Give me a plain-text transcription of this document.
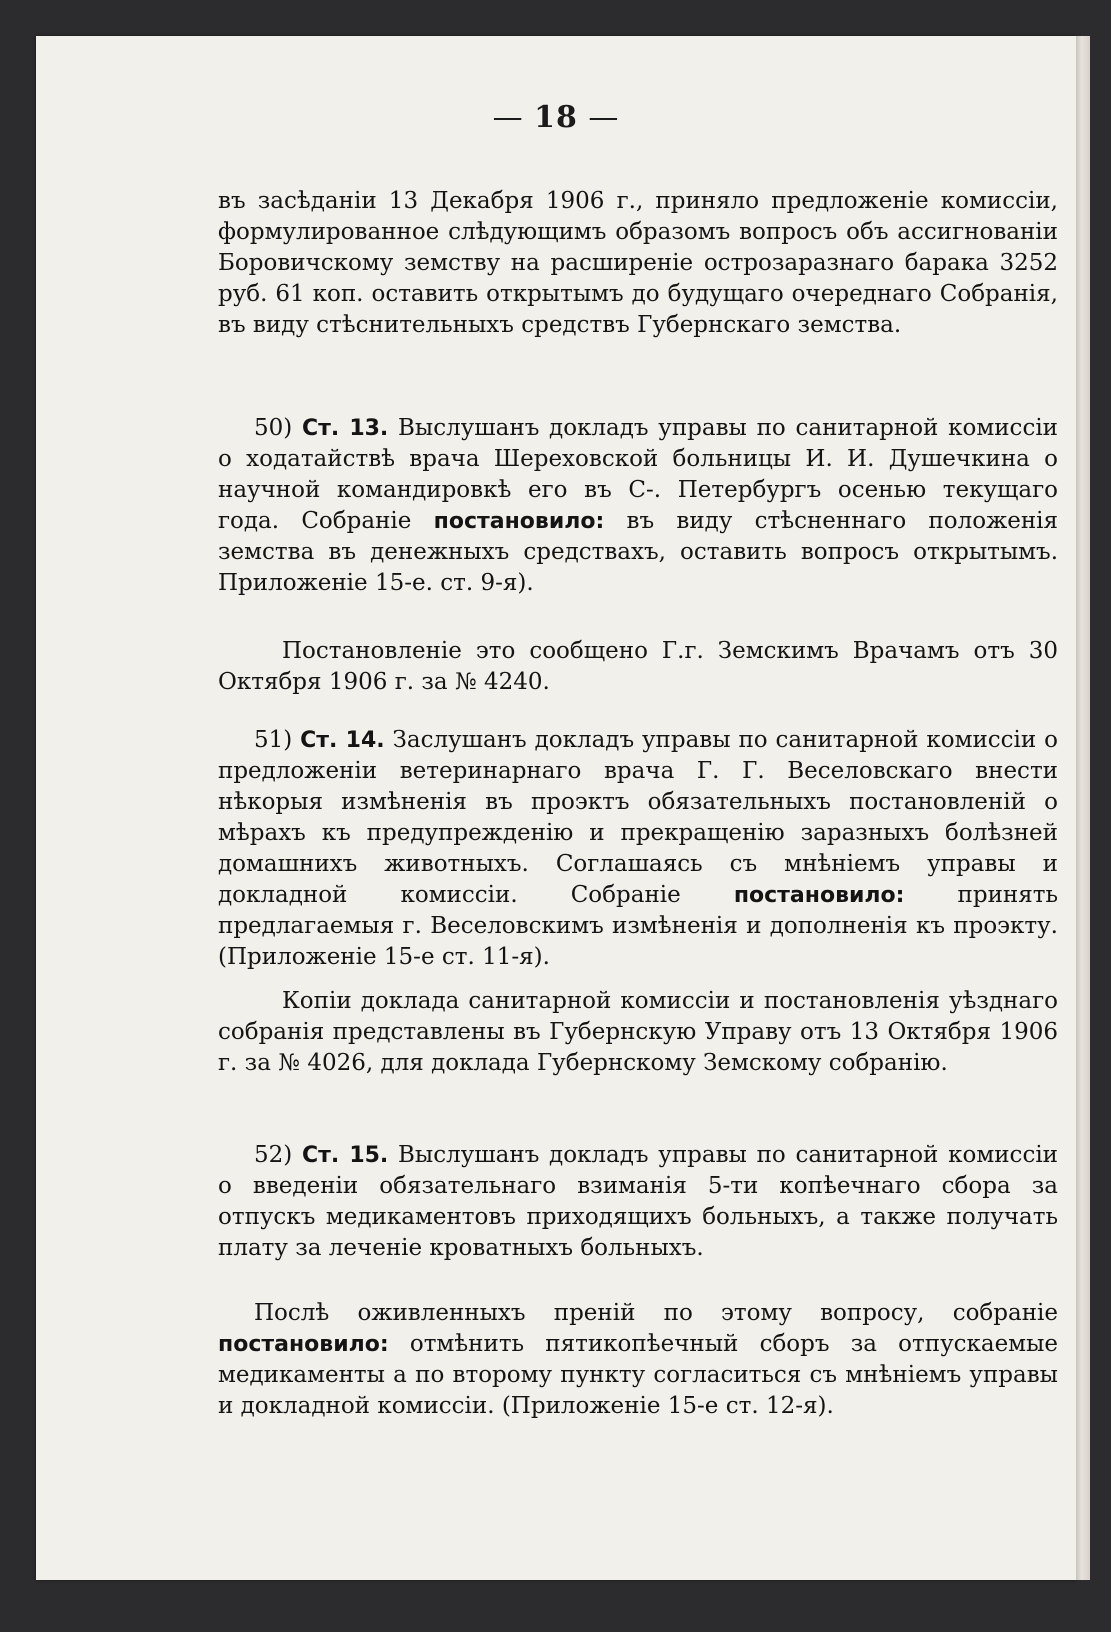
— 18 —

въ засѣданіи 13 Декабря 1906 г., приняло предложеніе комиссіи, формулированное слѣдующимъ образомъ вопросъ объ ассигнованіи Боровичскому земству на расширеніе острозаразнаго барака 3252 руб. 61 коп. оставить открытымъ до будущаго очереднаго Собранія, въ виду стѣснительныхъ средствъ Губернскаго земства.

50) Ст. 13. Выслушанъ докладъ управы по санитарной комиссіи о ходатайствѣ врача Шереховской больницы И. И. Душечкина о научной командировкѣ его въ С-. Петербургъ осенью текущаго года. Собраніе постановило: въ виду стѣсненнаго положенія земства въ денежныхъ средствахъ, оставить вопросъ открытымъ. Приложеніе 15-е. ст. 9-я).

Постановленіе это сообщено Г.г. Земскимъ Врачамъ отъ 30 Октября 1906 г. за № 4240.

51) Ст. 14. Заслушанъ докладъ управы по санитарной комиссіи о предложеніи ветеринарнаго врача Г. Г. Веселовскаго внести нѣкорыя измѣненія въ проэктъ обязательныхъ постановленій о мѣрахъ къ предупрежденію и прекращенію заразныхъ болѣзней домашнихъ животныхъ. Соглашаясь съ мнѣніемъ управы и докладной комиссіи. Собраніе постановило: принять предлагаемыя г. Веселовскимъ измѣненія и дополненія къ проэкту. (Приложеніе 15-е ст. 11-я).

Копіи доклада санитарной комиссіи и постановленія уѣзднаго собранія представлены въ Губернскую Управу отъ 13 Октября 1906 г. за № 4026, для доклада Губернскому Земскому собранію.

52) Ст. 15. Выслушанъ докладъ управы по санитарной комиссіи о введеніи обязательнаго взиманія 5-ти копѣечнаго сбора за отпускъ медикаментовъ приходящихъ больныхъ, а также получать плату за леченіе кроватныхъ больныхъ.

Послѣ оживленныхъ преній по этому вопросу, собраніе постановило: отмѣнить пятикопѣечный сборъ за отпускаемые медикаменты а по второму пункту согласиться съ мнѣніемъ управы и докладной комиссіи. (Приложеніе 15-е ст. 12-я).
